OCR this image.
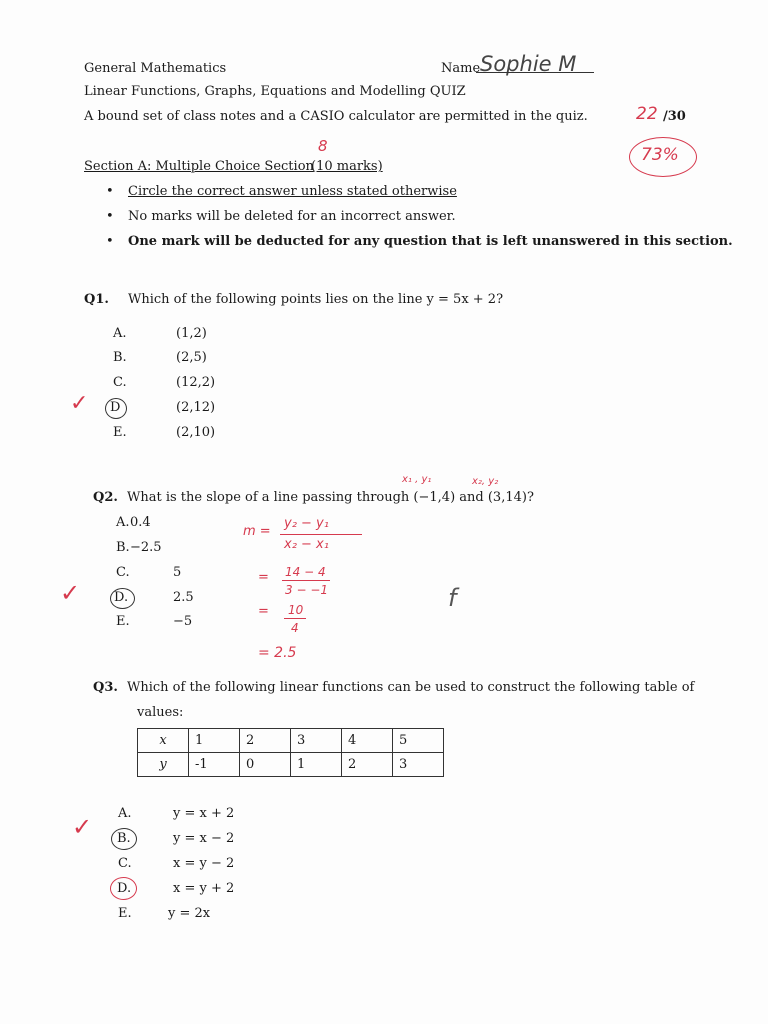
General Mathematics
Linear Functions, Graphs, Equations and Modelling QUIZ
A bound set of class notes and a CASIO calculator are permitted in the quiz.
Name Sophie M
22 /30
73%
Section A: Multiple Choice Section
(10 marks)
8
• Circle the correct answer unless stated otherwise
• No marks will be deleted for an incorrect answer.
• One mark will be deducted for any question that is left unanswered in this section.
Q1. Which of the following points lies on the line y = 5x + 2?
A.	(1,2)
B.	(2,5)
C.	(12,2)
D	(2,12)
E.	(2,10)
✓
Q2. What is the slope of a line passing through (−1,4) and (3,14)?
x₁ , y₁	x₂, y₂
A. 0.4
B. −2.5
C.	5
D.	2.5
E.	−5
✓
m =
y₂ − y₁
x₂ − x₁
= 14 − 4
3 − −1
= 10
4
= 2.5
f
Q3. Which of the following linear functions can be used to construct the following table of
values:
x	1	2	3	4	5
y	-1	0	1	2	3
A.	y = x + 2
B.	y = x − 2
C.	x = y − 2
D.	x = y + 2
E.	y = 2x
✓
